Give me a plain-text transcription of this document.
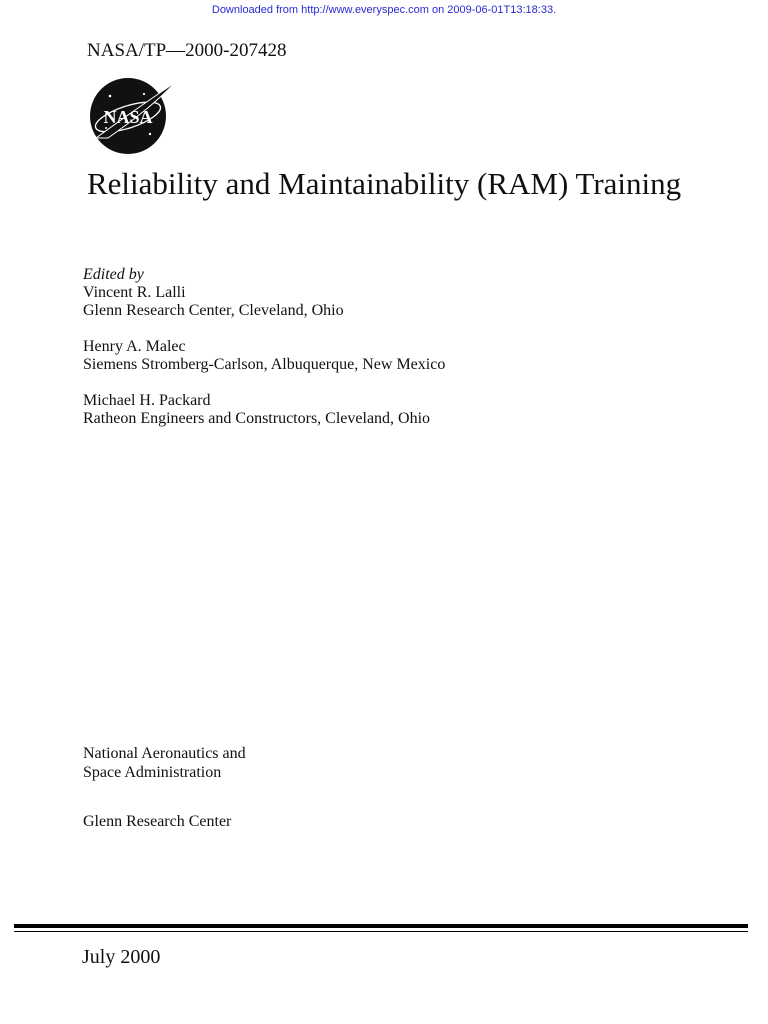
Downloaded from http://www.everyspec.com on 2009-06-01T13:18:33.
NASA/TP—2000-207428
NASA
Reliability and Maintainability (RAM) Training
Edited by
Vincent R. Lalli
Glenn Research Center, Cleveland, Ohio
Henry A. Malec
Siemens Stromberg-Carlson, Albuquerque, New Mexico
Michael H. Packard
Ratheon Engineers and Constructors, Cleveland, Ohio
National Aeronautics and
Space Administration
Glenn Research Center
July 2000
